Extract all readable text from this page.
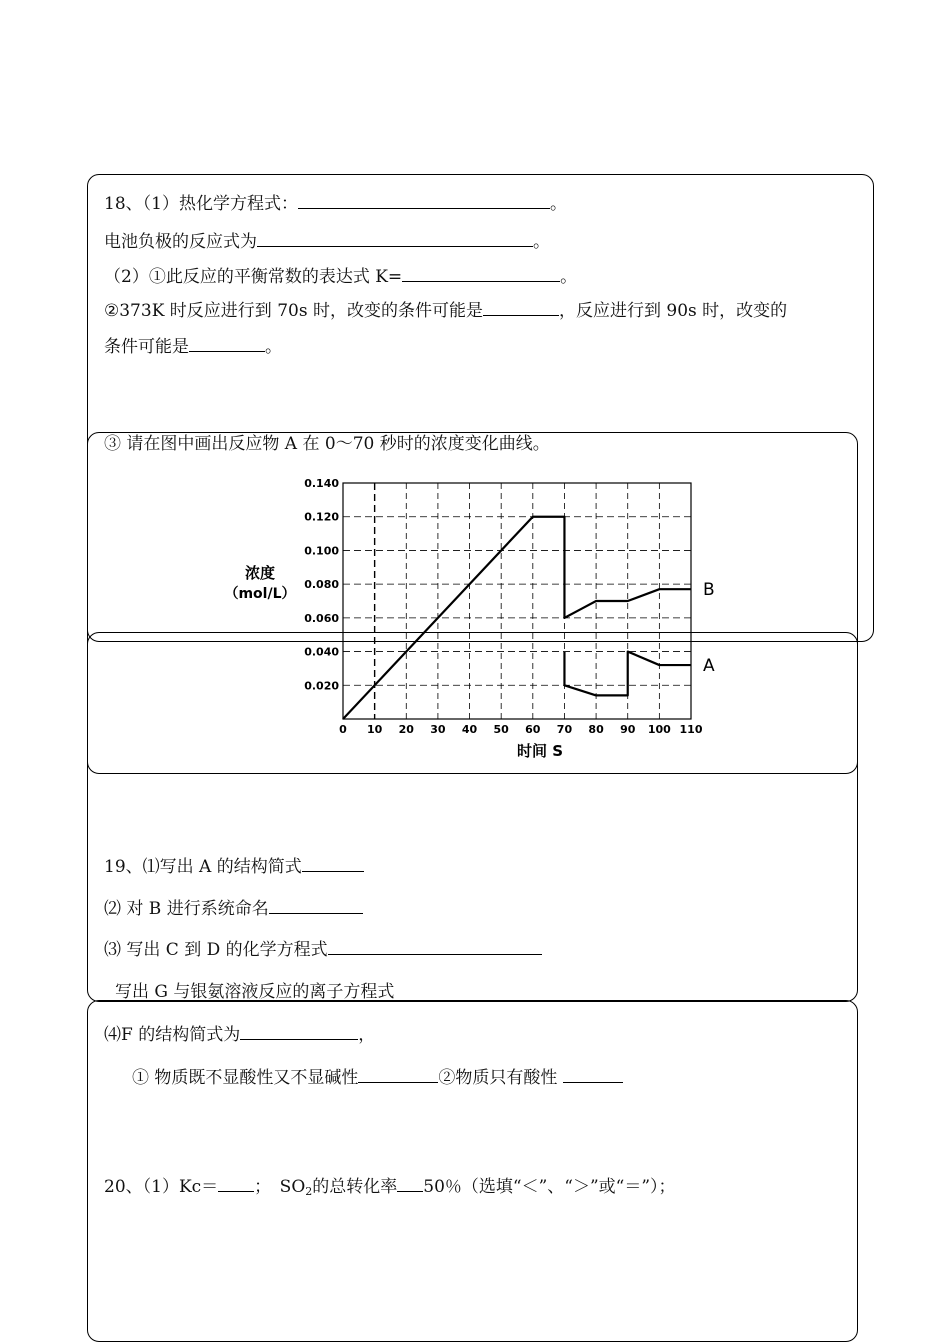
18、（1）热化学方程式：	。
电池负极的反应式为	。
（2）①此反应的平衡常数的表达式 K=	。
②373K 时反应进行到 70s 时，改变的条件可能是	，反应进行到 90s 时，改变的
条件可能是	。
③ 请在图中画出反应物 A 在 0～70 秒时的浓度变化曲线。
0.140
0.120
0.100
0.080
0.060
0.040
0.020
0 10 20 30 40 50 60 70 80 90 100 110
浓度
（mol/L）
时间 S
B
A
19、⑴写出 A 的结构简式
⑵ 对 B 进行系统命名
⑶ 写出 C 到 D 的化学方程式
写出 G 与银氨溶液反应的离子方程式
⑷F 的结构简式为	，
① 物质既不显酸性又不显碱性	②物质只有酸性
20、（1）Kc＝ ；　$SO_2$的总转化率 50％（选填“＜”、“＞”或“＝”）；
